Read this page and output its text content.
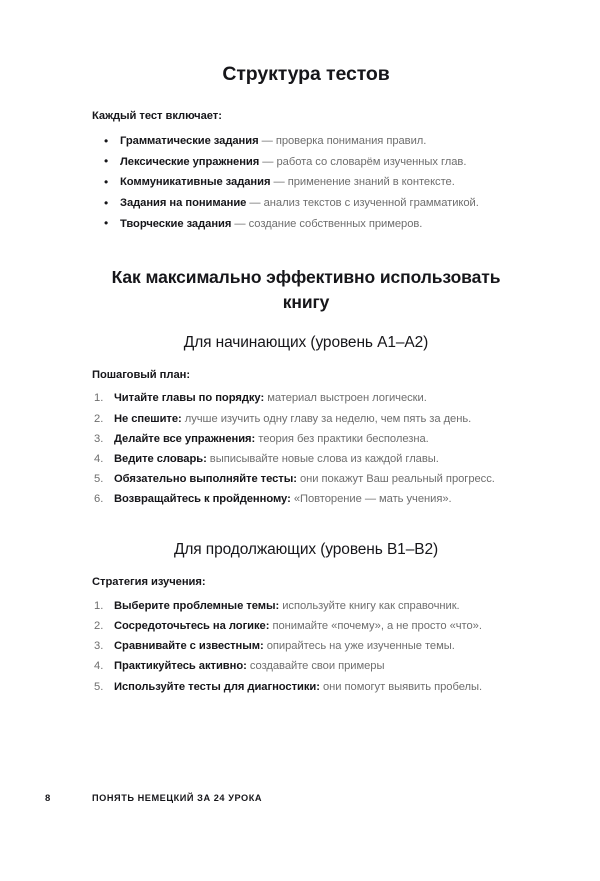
Структура тестов

Каждый тест включает:

• Грамматические задания — проверка понимания правил.
• Лексические упражнения — работа со словарём изученных глав.
• Коммуникативные задания — применение знаний в контексте.
• Задания на понимание — анализ текстов с изученной грамматикой.
• Творческие задания — создание собственных примеров.
Как максимально эффективно использовать книгу
Для начинающих (уровень А1–А2)

Пошаговый план:

Читайте главы по порядку: материал выстроен логически.
Не спешите: лучше изучить одну главу за неделю, чем пять за день.
Делайте все упражнения: теория без практики бесполезна.
Ведите словарь: выписывайте новые слова из каждой главы.
Обязательно выполняйте тесты: они покажут Ваш реальный прогресс.
Возвращайтесь к пройденному: «Повторение — мать учения».
Для продолжающих (уровень B1–B2)

Стратегия изучения:

Выберите проблемные темы: используйте книгу как справочник.
Сосредоточьтесь на логике: понимайте «почему», а не просто «что».
Сравнивайте с известным: опирайтесь на уже изученные темы.
Практикуйтесь активно: создавайте свои примеры
Используйте тесты для диагностики: они помогут выявить пробелы.
8	ПОНЯТЬ НЕМЕЦКИЙ ЗА 24 УРОКА
